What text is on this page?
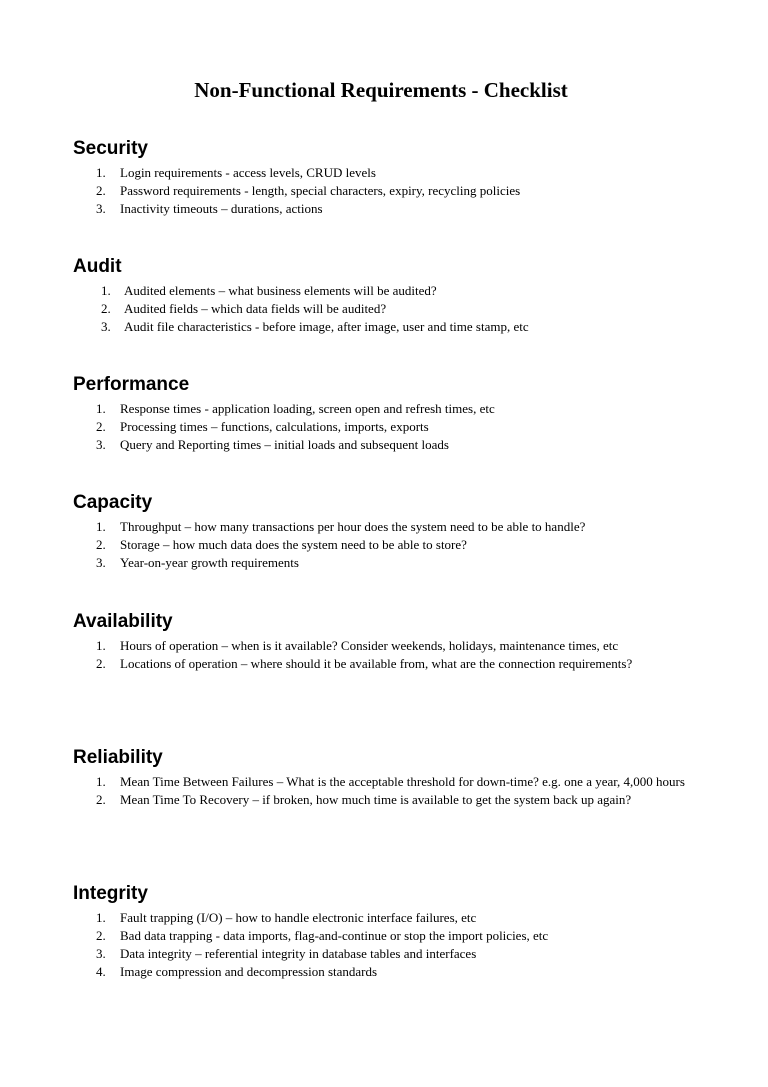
Non-Functional Requirements - Checklist
Security
1.	Login requirements - access levels, CRUD levels
2.	Password requirements - length, special characters, expiry, recycling policies
3.	Inactivity timeouts – durations, actions
Audit
1.	Audited elements – what business elements will be audited?
2.	Audited fields – which data fields will be audited?
3.	Audit file characteristics - before image, after image, user and time stamp, etc
Performance
1.	Response times - application loading, screen open and refresh times, etc
2.	Processing times – functions, calculations, imports, exports
3.	Query and Reporting times – initial loads and subsequent loads
Capacity
1.	Throughput – how many transactions per hour does the system need to be able to handle?
2.	Storage – how much data does the system need to be able to store?
3.	Year-on-year growth requirements
Availability
1.	Hours of operation – when is it available? Consider weekends, holidays, maintenance times, etc
2.	Locations of operation – where should it be available from, what are the connection requirements?
Reliability
1.	Mean Time Between Failures – What is the acceptable threshold for down-time? e.g. one a year, 4,000 hours
2.	Mean Time To Recovery – if broken, how much time is available to get the system back up again?
Integrity
1.	Fault trapping (I/O) – how to handle electronic interface failures, etc
2.	Bad data trapping - data imports, flag-and-continue or stop the import policies, etc
3.	Data integrity – referential integrity in database tables and interfaces
4.	Image compression and decompression standards
